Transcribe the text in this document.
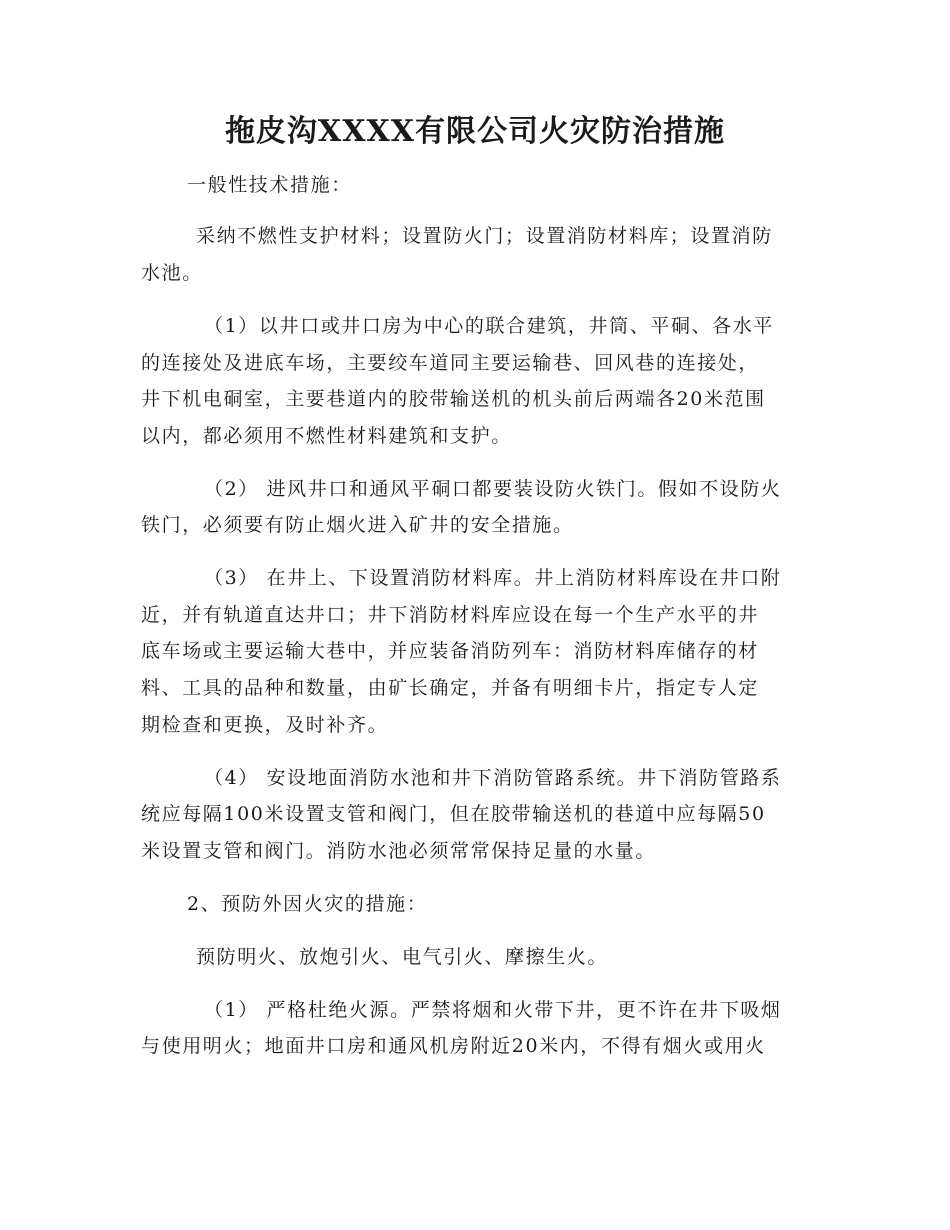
拖皮沟XXXX有限公司火灾防治措施

一般性技术措施：

采纳不燃性支护材料；设置防火门；设置消防材料库；设置消防

水池。

（1）以井口或井口房为中心的联合建筑，井筒、平硐、各水平

的连接处及进底车场，主要绞车道同主要运输巷、回风巷的连接处，

井下机电硐室，主要巷道内的胶带输送机的机头前后两端各20米范围

以内，都必须用不燃性材料建筑和支护。

（2） 进风井口和通风平硐口都要装设防火铁门。假如不设防火

铁门，必须要有防止烟火进入矿井的安全措施。

（3） 在井上、下设置消防材料库。井上消防材料库设在井口附

近，并有轨道直达井口；井下消防材料库应设在每一个生产水平的井

底车场或主要运输大巷中，并应装备消防列车：消防材料库储存的材

料、工具的品种和数量，由矿长确定，并备有明细卡片，指定专人定

期检查和更换，及时补齐。

（4） 安设地面消防水池和井下消防管路系统。井下消防管路系

统应每隔100米设置支管和阀门，但在胶带输送机的巷道中应每隔50

米设置支管和阀门。消防水池必须常常保持足量的水量。

2、预防外因火灾的措施：

预防明火、放炮引火、电气引火、摩擦生火。

（1） 严格杜绝火源。严禁将烟和火带下井，更不许在井下吸烟

与使用明火；地面井口房和通风机房附近20米内，不得有烟火或用火
